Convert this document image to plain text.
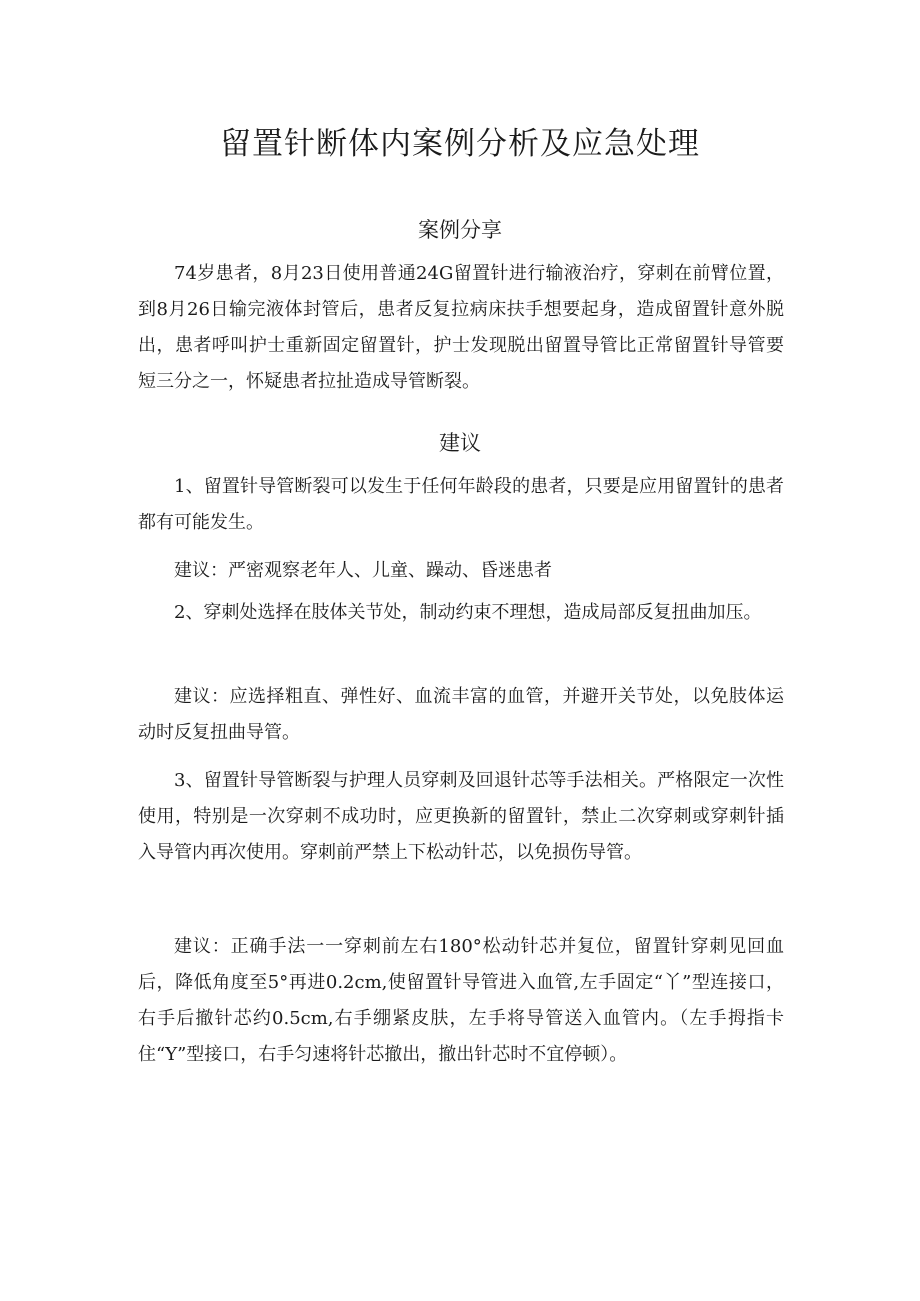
留置针断体内案例分析及应急处理
案例分享

74岁患者，8月23日使用普通24G留置针进行输液治疗，穿刺在前臂位置，到8月26日输完液体封管后，患者反复拉病床扶手想要起身，造成留置针意外脱出，患者呼叫护士重新固定留置针，护士发现脱出留置导管比正常留置针导管要短三分之一，怀疑患者拉扯造成导管断裂。

建议

1、留置针导管断裂可以发生于任何年龄段的患者，只要是应用留置针的患者都有可能发生。

建议：严密观察老年人、儿童、躁动、昏迷患者

2、穿刺处选择在肢体关节处，制动约束不理想，造成局部反复扭曲加压。

建议：应选择粗直、弹性好、血流丰富的血管，并避开关节处，以免肢体运动时反复扭曲导管。

3、留置针导管断裂与护理人员穿刺及回退针芯等手法相关。严格限定一次性使用，特别是一次穿刺不成功时，应更换新的留置针，禁止二次穿刺或穿刺针插入导管内再次使用。穿刺前严禁上下松动针芯，以免损伤导管。

建议：正确手法一一穿刺前左右180°松动针芯并复位，留置针穿刺见回血后，降低角度至5°再进0.2cm,使留置针导管进入血管,左手固定“丫”型连接口，右手后撤针芯约0.5cm,右手绷紧皮肤，左手将导管送入血管内。（左手拇指卡住“Y”型接口，右手匀速将针芯撤出，撤出针芯时不宜停顿）。
